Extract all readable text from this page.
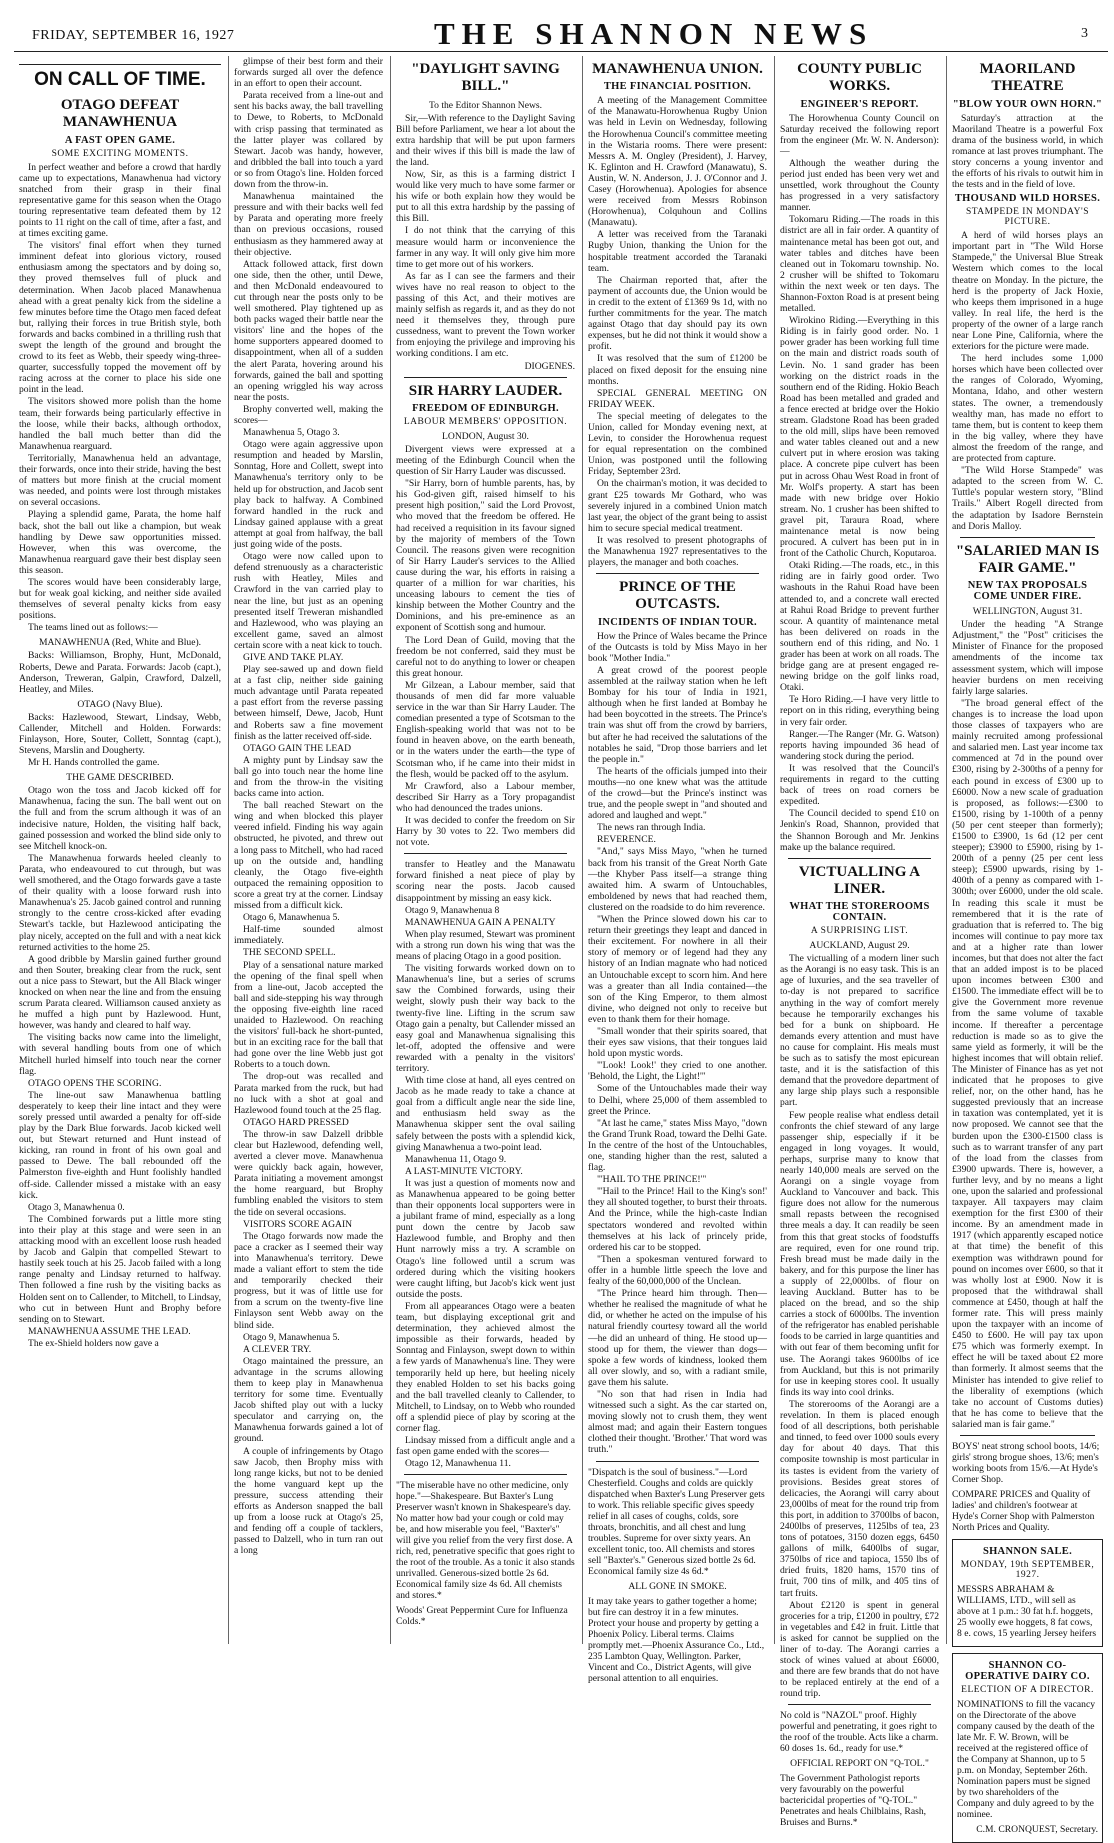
FRIDAY, SEPTEMBER 16, 1927	THE SHANNON NEWS	3
ON CALL OF TIME.
OTAGO DEFEAT MANAWHENUA
A FAST OPEN GAME.
SOME EXCITING MOMENTS.
In perfect weather and before a crowd that hardly came up to expectations, Manawhenua had victory snatched from their grasp in their final representative game for this season when the Otago touring representative team defeated them by 12 points to 11 right on the call of time, after a fast, and at times exciting game.
The visitors' final effort when they turned imminent defeat into glorious victory, roused enthusiasm among the spectators and by doing so, they proved themselves full of pluck and determination. When Jacob placed Manawhenua ahead with a great penalty kick from the sideline a few minutes before time the Otago men faced defeat but, rallying their forces in true British style, both forwards and backs combined in a thrilling rush that swept the length of the ground and brought the crowd to its feet as Webb, their speedy wing-three-quarter, successfully topped the movement off by racing across at the corner to place his side one point in the lead.
The visitors showed more polish than the home team, their forwards being particularly effective in the loose, while their backs, although orthodox, handled the ball much better than did the Manawhenua rearguard.
Territorially, Manawhenua held an advantage, their forwards, once into their stride, having the best of matters but more finish at the crucial moment was needed, and points were lost through mistakes on several occasions.
Playing a splendid game, Parata, the home half back, shot the ball out like a champion, but weak handling by Dewe saw opportunities missed. However, when this was overcome, the Manawhenua rearguard gave their best display seen this season.
The scores would have been considerably large, but for weak goal kicking, and neither side availed themselves of several penalty kicks from easy positions.
The teams lined out as follows:—
MANAWHENUA (Red, White and Blue).
Backs: Williamson, Brophy, Hunt, McDonald, Roberts, Dewe and Parata. Forwards: Jacob (capt.), Anderson, Treweran, Galpin, Crawford, Dalzell, Heatley, and Miles.
OTAGO (Navy Blue).
Backs: Hazlewood, Stewart, Lindsay, Webb, Callender, Mitchell and Holden. Forwards: Finlayson, Hore, Souter, Collett, Sonntag (capt.), Stevens, Marslin and Dougherty.
Mr H. Hands controlled the game.
THE GAME DESCRIBED.
Otago won the toss and Jacob kicked off for Manawhenua, facing the sun. The ball went out on the full and from the scrum although it was of an indecisive nature, Holden, the visiting half back, gained possession and worked the blind side only to see Mitchell knock-on.
The Manawhenua forwards heeled cleanly to Parata, who endeavoured to cut through, but was well smothered, and the Otago forwards gave a taste of their quality with a loose forward rush into Manawhenua's 25. Jacob gained control and running strongly to the centre cross-kicked after evading Stewart's tackle, but Hazlewood anticipating the play nicely, accepted on the full and with a neat kick returned activities to the home 25.
A good dribble by Marslin gained further ground and then Souter, breaking clear from the ruck, sent out a nice pass to Stewart, but the All Black winger knocked on when near the line and from the ensuing scrum Parata cleared. Williamson caused anxiety as he muffed a high punt by Hazlewood. Hunt, however, was handy and cleared to half way.
The visiting backs now came into the limelight, with several handling bouts from one of which Mitchell hurled himself into touch near the corner flag.
OTAGO OPENS THE SCORING.
The line-out saw Manawhenua battling desperately to keep their line intact and they were sorely pressed until awarded a penalty for off-side play by the Dark Blue forwards. Jacob kicked well out, but Stewart returned and Hunt instead of kicking, ran round in front of his own goal and passed to Dewe. The ball rebounded off the Palmerston five-eighth and Hunt foolishly handled off-side. Callender missed a mistake with an easy kick.
Otago 3, Manawhenua 0.
The Combined forwards put a little more sting into their play at this stage and were seen in an attacking mood with an excellent loose rush headed by Jacob and Galpin that compelled Stewart to hastily seek touch at his 25. Jacob failed with a long range penalty and Lindsay returned to halfway. Then followed a fine rush by the visiting backs as Holden sent on to Callender, to Mitchell, to Lindsay, who cut in between Hunt and Brophy before sending on to Stewart.
MANAWHENUA ASSUME THE LEAD.
The ex-Shield holders now gave a
glimpse of their best form and their forwards surged all over the defence in an effort to open their account.
Parata received from a line-out and sent his backs away, the ball travelling to Dewe, to Roberts, to McDonald with crisp passing that terminated as the latter player was collared by Stewart. Jacob was handy, however, and dribbled the ball into touch a yard or so from Otago's line. Holden forced down from the throw-in.
Manawhenua maintained the pressure and with their backs well fed by Parata and operating more freely than on previous occasions, roused enthusiasm as they hammered away at their objective.
Attack followed attack, first down one side, then the other, until Dewe, and then McDonald endeavoured to cut through near the posts only to be well smothered. Play tightened up as both packs waged their battle near the visitors' line and the hopes of the home supporters appeared doomed to disappointment, when all of a sudden the alert Parata, hovering around his forwards, gained the ball and spotting an opening wriggled his way across near the posts.
Brophy converted well, making the scores—
Manawhenua 5, Otago 3.
Otago were again aggressive upon resumption and headed by Marslin, Sonntag, Hore and Collett, swept into Manawhenua's territory only to be held up for obstruction, and Jacob sent play back to halfway. A Combined forward handled in the ruck and Lindsay gained applause with a great attempt at goal from halfway, the ball just going wide of the posts.
Otago were now called upon to defend strenuously as a characteristic rush with Heatley, Miles and Crawford in the van carried play to near the line, but just as an opening presented itself Treweran mishandled and Hazlewood, who was playing an excellent game, saved an almost certain score with a neat kick to touch.
GIVE AND TAKE PLAY.
Play see-sawed up and down field at a fast clip, neither side gaining much advantage until Parata repeated a past effort from the reverse passing between himself, Dewe, Jacob, Hunt and Roberts saw a fine movement finish as the latter received off-side.
OTAGO GAIN THE LEAD
A mighty punt by Lindsay saw the ball go into touch near the home line and from the throw-in the visiting backs came into action.
The ball reached Stewart on the wing and when blocked this player veered infield. Finding his way again obstructed, he pivoted, and threw out a long pass to Mitchell, who had raced up on the outside and, handling cleanly, the Otago five-eighth outpaced the remaining opposition to score a great try at the corner. Lindsay missed from a difficult kick.
Otago 6, Manawhenua 5.
Half-time sounded almost immediately.
THE SECOND SPELL.
Play of a sensational nature marked the opening of the final spell when from a line-out, Jacob accepted the ball and side-stepping his way through the opposing five-eighth line raced unaided to Hazlewood. On reaching the visitors' full-back he short-punted, but in an exciting race for the ball that had gone over the line Webb just got Roberts to a touch down.
The drop-out was recalled and Parata marked from the ruck, but had no luck with a shot at goal and Hazlewood found touch at the 25 flag.
OTAGO HARD PRESSED
The throw-in saw Dalzell dribble clear but Hazlewood, defending well, averted a clever move. Manawhenua were quickly back again, however, Parata initiating a movement amongst the home rearguard, but Brophy fumbling enabled the visitors to stem the tide on several occasions.
VISITORS SCORE AGAIN
The Otago forwards now made the pace a cracker as I seemed their way into Manawhenua's territory. Dewe made a valiant effort to stem the tide and temporarily checked their progress, but it was of little use for from a scrum on the twenty-five line Finlayson sent Webb away on the blind side.
Otago 9, Manawhenua 5.
A CLEVER TRY.
Otago maintained the pressure, an advantage in the scrums allowing them to keep play in Manawhenua territory for some time. Eventually Jacob shifted play out with a lucky speculator and carrying on, the Manawhenua forwards gained a lot of ground.
A couple of infringements by Otago saw Jacob, then Brophy miss with long range kicks, but not to be denied the home vanguard kept up the pressure, success attending their efforts as Anderson snapped the ball up from a loose ruck at Otago's 25, and fending off a couple of tacklers, passed to Dalzell, who in turn ran out a long
"DAYLIGHT SAVING BILL."
To the Editor Shannon News.
Sir,—With reference to the Daylight Saving Bill before Parliament, we hear a lot about the extra hardship that will be put upon farmers and their wives if this bill is made the law of the land.
Now, Sir, as this is a farming district I would like very much to have some farmer or his wife or both explain how they would be put to all this extra hardship by the passing of this Bill.
I do not think that the carrying of this measure would harm or inconvenience the farmer in any way. It will only give him more time to get more out of his workers.
As far as I can see the farmers and their wives have no real reason to object to the passing of this Act, and their motives are mainly selfish as regards it, and as they do not need it themselves they, through pure cussedness, want to prevent the Town worker from enjoying the privilege and improving his working conditions. I am etc.
DIOGENES.
SIR HARRY LAUDER.
FREEDOM OF EDINBURGH.
LABOUR MEMBERS' OPPOSITION.
LONDON, August 30.
Divergent views were expressed at a meeting of the Edinburgh Council when the question of Sir Harry Lauder was discussed.
"Sir Harry, born of humble parents, has, by his God-given gift, raised himself to his present high position," said the Lord Provost, who moved that the freedom be offered. He had received a requisition in its favour signed by the majority of members of the Town Council. The reasons given were recognition of Sir Harry Lauder's services to the Allied cause during the war, his efforts in raising a quarter of a million for war charities, his unceasing labours to cement the ties of kinship between the Mother Country and the Dominions, and his pre-eminence as an exponent of Scottish song and humour.
The Lord Dean of Guild, moving that the freedom be not conferred, said they must be careful not to do anything to lower or cheapen this great honour.
Mr Gilzean, a Labour member, said that thousands of men did far more valuable service in the war than Sir Harry Lauder. The comedian presented a type of Scotsman to the English-speaking world that was not to be found in heaven above, on the earth beneath, or in the waters under the earth—the type of Scotsman who, if he came into their midst in the flesh, would be packed off to the asylum.
Mr Crawford, also a Labour member, described Sir Harry as a Tory propagandist who had denounced the trades unions.
It was decided to confer the freedom on Sir Harry by 30 votes to 22. Two members did not vote.
transfer to Heatley and the Manawatu forward finished a neat piece of play by scoring near the posts. Jacob caused disappointment by missing an easy kick.
Otago 9, Manawhenua 8
MANAWHENUA GAIN A PENALTY
When play resumed, Stewart was prominent with a strong run down his wing that was the means of placing Otago in a good position.
The visiting forwards worked down on to Manawhenua's line, but a series of scrums saw the Combined forwards, using their weight, slowly push their way back to the twenty-five line. Lifting in the scrum saw Otago gain a penalty, but Callender missed an easy goal and Manawhenua signalising this let-off, adopted the offensive and were rewarded with a penalty in the visitors' territory.
With time close at hand, all eyes centred on Jacob as he made ready to take a chance at goal from a difficult angle near the side line, and enthusiasm held sway as the Manawhenua skipper sent the oval sailing safely between the posts with a splendid kick, giving Manawhenua a two-point lead.
Manawhenua 11, Otago 9.
A LAST-MINUTE VICTORY.
It was just a question of moments now and as Manawhenua appeared to be going better than their opponents local supporters were in a jubilant frame of mind, especially as a long punt down the centre by Jacob saw Hazlewood fumble, and Brophy and then Hunt narrowly miss a try. A scramble on Otago's line followed until a scrum was ordered during which the visiting hookers were caught lifting, but Jacob's kick went just outside the posts.
From all appearances Otago were a beaten team, but displaying exceptional grit and determination, they achieved almost the impossible as their forwards, headed by Sonntag and Finlayson, swept down to within a few yards of Manawhenua's line. They were temporarily held up here, but heeling nicely they enabled Holden to set his backs going and the ball travelled cleanly to Callender, to Mitchell, to Lindsay, on to Webb who rounded off a splendid piece of play by scoring at the corner flag.
Lindsay missed from a difficult angle and a fast open game ended with the scores—
Otago 12, Manawhenua 11.
"The miserable have no other medicine, only hope."—Shakespeare. But Baxter's Lung Preserver wasn't known in Shakespeare's day. No matter how bad your cough or cold may be, and how miserable you feel, "Baxter's" will give you relief from the very first dose. A rich, red, penetrative specific that goes right to the root of the trouble. As a tonic it also stands unrivalled. Generous-sized bottle 2s 6d. Economical family size 4s 6d. All chemists and stores.*
Woods' Great Peppermint Cure for Influenza Colds.*
MANAWHENUA UNION.
THE FINANCIAL POSITION.
A meeting of the Management Committee of the Manawatu-Horowhenua Rugby Union was held in Levin on Wednesday, following the Horowhenua Council's committee meeting in the Wistaria rooms. There were present: Messrs A. M. Ongley (President), J. Harvey, K. Eglinton and H. Crawford (Manawatu), S. Austin, W. N. Anderson, J. J. O'Connor and J. Casey (Horowhenua). Apologies for absence were received from Messrs Robinson (Horowhenua), Colquhoun and Collins (Manawatu).
A letter was received from the Taranaki Rugby Union, thanking the Union for the hospitable treatment accorded the Taranaki team.
The Chairman reported that, after the payment of accounts due, the Union would be in credit to the extent of £1369 9s 1d, with no further commitments for the year. The match against Otago that day should pay its own expenses, but he did not think it would show a profit.
It was resolved that the sum of £1200 be placed on fixed deposit for the ensuing nine months.
SPECIAL GENERAL MEETING ON FRIDAY WEEK.
The special meeting of delegates to the Union, called for Monday evening next, at Levin, to consider the Horowhenua request for equal representation on the combined Union, was postponed until the following Friday, September 23rd.
On the chairman's motion, it was decided to grant £25 towards Mr Gothard, who was severely injured in a combined Union match last year, the object of the grant being to assist him to secure special medical treatment.
It was resolved to present photographs of the Manawhenua 1927 representatives to the players, the manager and both coaches.
PRINCE OF THE OUTCASTS.
INCIDENTS OF INDIAN TOUR.
How the Prince of Wales became the Prince of the Outcasts is told by Miss Mayo in her book "Mother India."
A great crowd of the poorest people assembled at the railway station when he left Bombay for his tour of India in 1921, although when he first landed at Bombay he had been boycotted in the streets. The Prince's train was shut off from the crowd by barriers, but after he had received the salutations of the notables he said, "Drop those barriers and let the people in."
The hearts of the officials jumped into their mouths—no one knew what was the attitude of the crowd—but the Prince's instinct was true, and the people swept in "and shouted and adored and laughed and wept."
The news ran through India.
REVERENCE.
"And," says Miss Mayo, "when he turned back from his transit of the Great North Gate—the Khyber Pass itself—a strange thing awaited him. A swarm of Untouchables, emboldened by news that had reached them, clustered on the roadside to do him reverence.
"When the Prince slowed down his car to return their greetings they leapt and danced in their excitement. For nowhere in all their story of memory or of legend had they any history of an Indian magnate who had noticed an Untouchable except to scorn him. And here was a greater than all India contained—the son of the King Emperor, to them almost divine, who deigned not only to receive but even to thank them for their homage.
"Small wonder that their spirits soared, that their eyes saw visions, that their tongues laid hold upon mystic words.
"'Look! Look!' they cried to one another. 'Behold, the Light, the Light!'"
Some of the Untouchables made their way to Delhi, where 25,000 of them assembled to greet the Prince.
"At last he came," states Miss Mayo, "down the Grand Trunk Road, toward the Delhi Gate. In the centre of the host of the Untouchables, one, standing higher than the rest, saluted a flag.
"'HAIL TO THE PRINCE!'"
"'Hail to the Prince! Hail to the King's son!' they all shouted together, to burst their throats. And the Prince, while the high-caste Indian spectators wondered and revolted within themselves at his lack of princely pride, ordered his car to be stopped.
"Then a spokesman ventured forward to offer in a humble little speech the love and fealty of the 60,000,000 of the Unclean.
"The Prince heard him through. Then—whether he realised the magnitude of what he did, or whether he acted on the impulse of his natural friendly courtesy toward all the world—he did an unheard of thing. He stood up—stood up for them, the viewer than dogs—spoke a few words of kindness, looked them all over slowly, and so, with a radiant smile, gave them his salute.
"No son that had risen in India had witnessed such a sight. As the car started on, moving slowly not to crush them, they went almost mad; and again their Eastern tongues clothed their thought. 'Brother.' That word was truth."
"Dispatch is the soul of business."—Lord Chesterfield. Coughs and colds are quickly dispatched when Baxter's Lung Preserver gets to work. This reliable specific gives speedy relief in all cases of coughs, colds, sore throats, bronchitis, and all chest and lung troubles. Supreme for over sixty years. An excellent tonic, too. All chemists and stores sell "Baxter's." Generous sized bottle 2s 6d. Economical family size 4s 6d.*
ALL GONE IN SMOKE.
It may take years to gather together a home; but fire can destroy it in a few minutes. Protect your house and property by getting a Phoenix Policy. Liberal terms. Claims promptly met.—Phoenix Assurance Co., Ltd., 235 Lambton Quay, Wellington. Parker, Vincent and Co., District Agents, will give personal attention to all enquiries.
COUNTY PUBLIC WORKS.
ENGINEER'S REPORT.
The Horowhenua County Council on Saturday received the following report from the engineer (Mr. W. N. Anderson):—
Although the weather during the period just ended has been very wet and unsettled, work throughout the County has progressed in a very satisfactory manner.
Tokomaru Riding.—The roads in this district are all in fair order. A quantity of maintenance metal has been got out, and water tables and ditches have been cleaned out in Tokomaru township. No. 2 crusher will be shifted to Tokomaru within the next week or ten days. The Shannon-Foxton Road is at present being metalled.
Wirokino Riding.—Everything in this Riding is in fairly good order. No. 1 power grader has been working full time on the main and district roads south of Levin. No. 1 sand grader has been working on the district roads in the southern end of the Riding. Hokio Beach Road has been metalled and graded and a fence erected at bridge over the Hokio stream. Gladstone Road has been graded to the old mill, slips have been removed and water tables cleaned out and a new culvert put in where erosion was taking place. A concrete pipe culvert has been put in across Ohau West Road in front of Mr. Wolf's property. A start has been made with new bridge over Hokio stream. No. 1 crusher has been shifted to gravel pit, Taraura Road, where maintenance metal is now being procured. A culvert has been put in in front of the Catholic Church, Koputaroa.
Otaki Riding.—The roads, etc., in this riding are in fairly good order. Two washouts in the Rahui Road have been attended to, and a concrete wall erected at Rahui Road Bridge to prevent further scour. A quantity of maintenance metal has been delivered on roads in the southern end of this riding, and No. 1 grader has been at work on all roads. The bridge gang are at present engaged re-newing bridge on the golf links road, Otaki.
Te Horo Riding.—I have very little to report on in this riding, everything being in very fair order.
Ranger.—The Ranger (Mr. G. Watson) reports having impounded 36 head of wandering stock during the period.
It was resolved that the Council's requirements in regard to the cutting back of trees on road corners be expedited.
The Council decided to spend £10 on Jenkin's Road, Shannon, provided that the Shannon Borough and Mr. Jenkins make up the balance required.
VICTUALLING A LINER.
WHAT THE STOREROOMS CONTAIN.
A SURPRISING LIST.
AUCKLAND, August 29.
The victualling of a modern liner such as the Aorangi is no easy task. This is an age of luxuries, and the sea traveller of to-day is not prepared to sacrifice anything in the way of comfort merely because he temporarily exchanges his bed for a bunk on shipboard. He demands every attention and must have no cause for complaint. His meals must be such as to satisfy the most epicurean taste, and it is the satisfaction of this demand that the provedore department of any large ship plays such a responsible part.
Few people realise what endless detail confronts the chief steward of any large passenger ship, especially if it be engaged in long voyages. It would, perhaps, surprise many to know that nearly 140,000 meals are served on the Aorangi on a single voyage from Auckland to Vancouver and back. This figure does not allow for the numerous small repasts between the recognised three meals a day. It can readily be seen from this that great stocks of foodstuffs are required, even for one round trip. Fresh bread must be made daily in the bakery, and for this purpose the liner has a supply of 22,000lbs. of flour on leaving Auckland. Butter has to be placed on the bread, and so the ship carries a stock of 6000lbs. The invention of the refrigerator has enabled perishable foods to be carried in large quantities and with out fear of them becoming unfit for use. The Aorangi takes 9600lbs of ice from Auckland, but this is not primarily for use in keeping stores cool. It usually finds its way into cool drinks.
The storerooms of the Aorangi are a revelation. In them is placed enough food of all descriptions, both perishable and tinned, to feed over 1000 souls every day for about 40 days. That this composite township is most particular in its tastes is evident from the variety of provisions. Besides great stores of delicacies, the Aorangi will carry about 23,000lbs of meat for the round trip from this port, in addition to 3700lbs of bacon, 2400lbs of preserves, 1125lbs of tea, 23 tons of potatoes, 3150 dozen eggs, 6450 gallons of milk, 6400lbs of sugar, 3750lbs of rice and tapioca, 1550 lbs of dried fruits, 1820 hams, 1570 tins of fruit, 700 tins of milk, and 405 tins of tart fruits.
About £2120 is spent in general groceries for a trip, £1200 in poultry, £72 in vegetables and £42 in fruit. Little that is asked for cannot be supplied on the liner of to-day. The Aorangi carries a stock of wines valued at about £6000, and there are few brands that do not have to be replaced entirely at the end of a round trip.
No cold is "NAZOL" proof. Highly powerful and penetrating, it goes right to the roof of the trouble. Acts like a charm. 60 doses 1s. 6d., ready for use.*
OFFICIAL REPORT ON "Q-TOL."
The Government Pathologist reports very favourably on the powerful bactericidal properties of "Q-TOL." Penetrates and heals Chilblains, Rash, Bruises and Burns.*
MAORILAND THEATRE
"BLOW YOUR OWN HORN."
Saturday's attraction at the Maoriland Theatre is a powerful Fox drama of the business world, in which romance at last proves triumphant. The story concerns a young inventor and the efforts of his rivals to outwit him in the tests and in the field of love.
THOUSAND WILD HORSES.
STAMPEDE IN MONDAY'S PICTURE.
A herd of wild horses plays an important part in "The Wild Horse Stampede," the Universal Blue Streak Western which comes to the local theatre on Monday. In the picture, the herd is the property of Jack Hoxie, who keeps them imprisoned in a huge valley. In real life, the herd is the property of the owner of a large ranch near Lone Pine, California, where the exteriors for the picture were made.
The herd includes some 1,000 horses which have been collected over the ranges of Colorado, Wyoming, Montana, Idaho, and other western states. The owner, a tremendously wealthy man, has made no effort to tame them, but is content to keep them in the big valley, where they have almost the freedom of the range, and are protected from capture.
"The Wild Horse Stampede" was adapted to the screen from W. C. Tuttle's popular western story, "Blind Trails." Albert Rogell directed from the adaptation by Isadore Bernstein and Doris Malloy.
"SALARIED MAN IS FAIR GAME."
NEW TAX PROPOSALS COME UNDER FIRE.
WELLINGTON, August 31.
Under the heading "A Strange Adjustment," the "Post" criticises the Minister of Finance for the proposed amendments of the income tax assessment system, which will impose heavier burdens on men receiving fairly large salaries.
"The broad general effect of the changes is to increase the load upon those classes of taxpayers who are mainly recruited among professional and salaried men. Last year income tax commenced at 7d in the pound over £300, rising by 2-300ths of a penny for each pound in excess of £300 up to £6000. Now a new scale of graduation is proposed, as follows:—£300 to £1500, rising by 1-100th of a penny (50 per cent steeper than formerly); £1500 to £3900, 1s 6d (12 per cent steeper); £3900 to £5900, rising by 1-200th of a penny (25 per cent less steep); £5900 upwards, rising by 1-400th of a penny as compared with 1-300th; over £6000, under the old scale. In reading this scale it must be remembered that it is the rate of graduation that is referred to. The big incomes will continue to pay more tax and at a higher rate than lower incomes, but that does not alter the fact that an added impost is to be placed upon incomes between £300 and £1500. The immediate effect will be to give the Government more revenue from the same volume of taxable income. If thereafter a percentage reduction is made so as to give the same yield as formerly, it will be the highest incomes that will obtain relief. The Minister of Finance has as yet not indicated that he proposes to give relief, nor, on the other hand, has he suggested previously that an increase in taxation was contemplated, yet it is now proposed. We cannot see that the burden upon the £300-£1500 class is such as to warrant transfer of any part of the load from the classes from £3900 upwards. There is, however, a further levy, and by no means a light one, upon the salaried and professional taxpayer. All taxpayers may claim exemption for the first £300 of their income. By an amendment made in 1917 (which apparently escaped notice at that time) the benefit of this exemption was withdrawn pound for pound on incomes over £600, so that it was wholly lost at £900. Now it is proposed that the withdrawal shall commence at £450, though at half the former rate. This will press mainly upon the taxpayer with an income of £450 to £600. He will pay tax upon £75 which was formerly exempt. In effect he will be taxed about £2 more than formerly. It almost seems that the Minister has intended to give relief to the liberality of exemptions (which take no account of Customs duties) that he has come to believe that the salaried man is fair game."
BOYS' neat strong school boots, 14/6; girls' strong brogue shoes, 13/6; men's working boots from 15/6.—At Hyde's Corner Shop.
COMPARE PRICES and Quality of ladies' and children's footwear at Hyde's Corner Shop with Palmerston North Prices and Quality.
SHANNON SALE.
MONDAY, 19th SEPTEMBER, 1927.
MESSRS ABRAHAM & WILLIAMS, LTD., will sell as above at 1 p.m.: 30 fat h.f. hoggets, 25 woolly ewe hoggets, 8 fat cows, 8 e. cows, 15 yearling Jersey heifers
SHANNON CO-OPERATIVE DAIRY CO.
ELECTION OF A DIRECTOR.
NOMINATIONS to fill the vacancy on the Directorate of the above company caused by the death of the late Mr. F. W. Brown, will be received at the registered office of the Company at Shannon, up to 5 p.m. on Monday, September 26th. Nomination papers must be signed by two shareholders of the Company and duly agreed to by the nominee.
C.M. CRONQUEST, Secretary.
